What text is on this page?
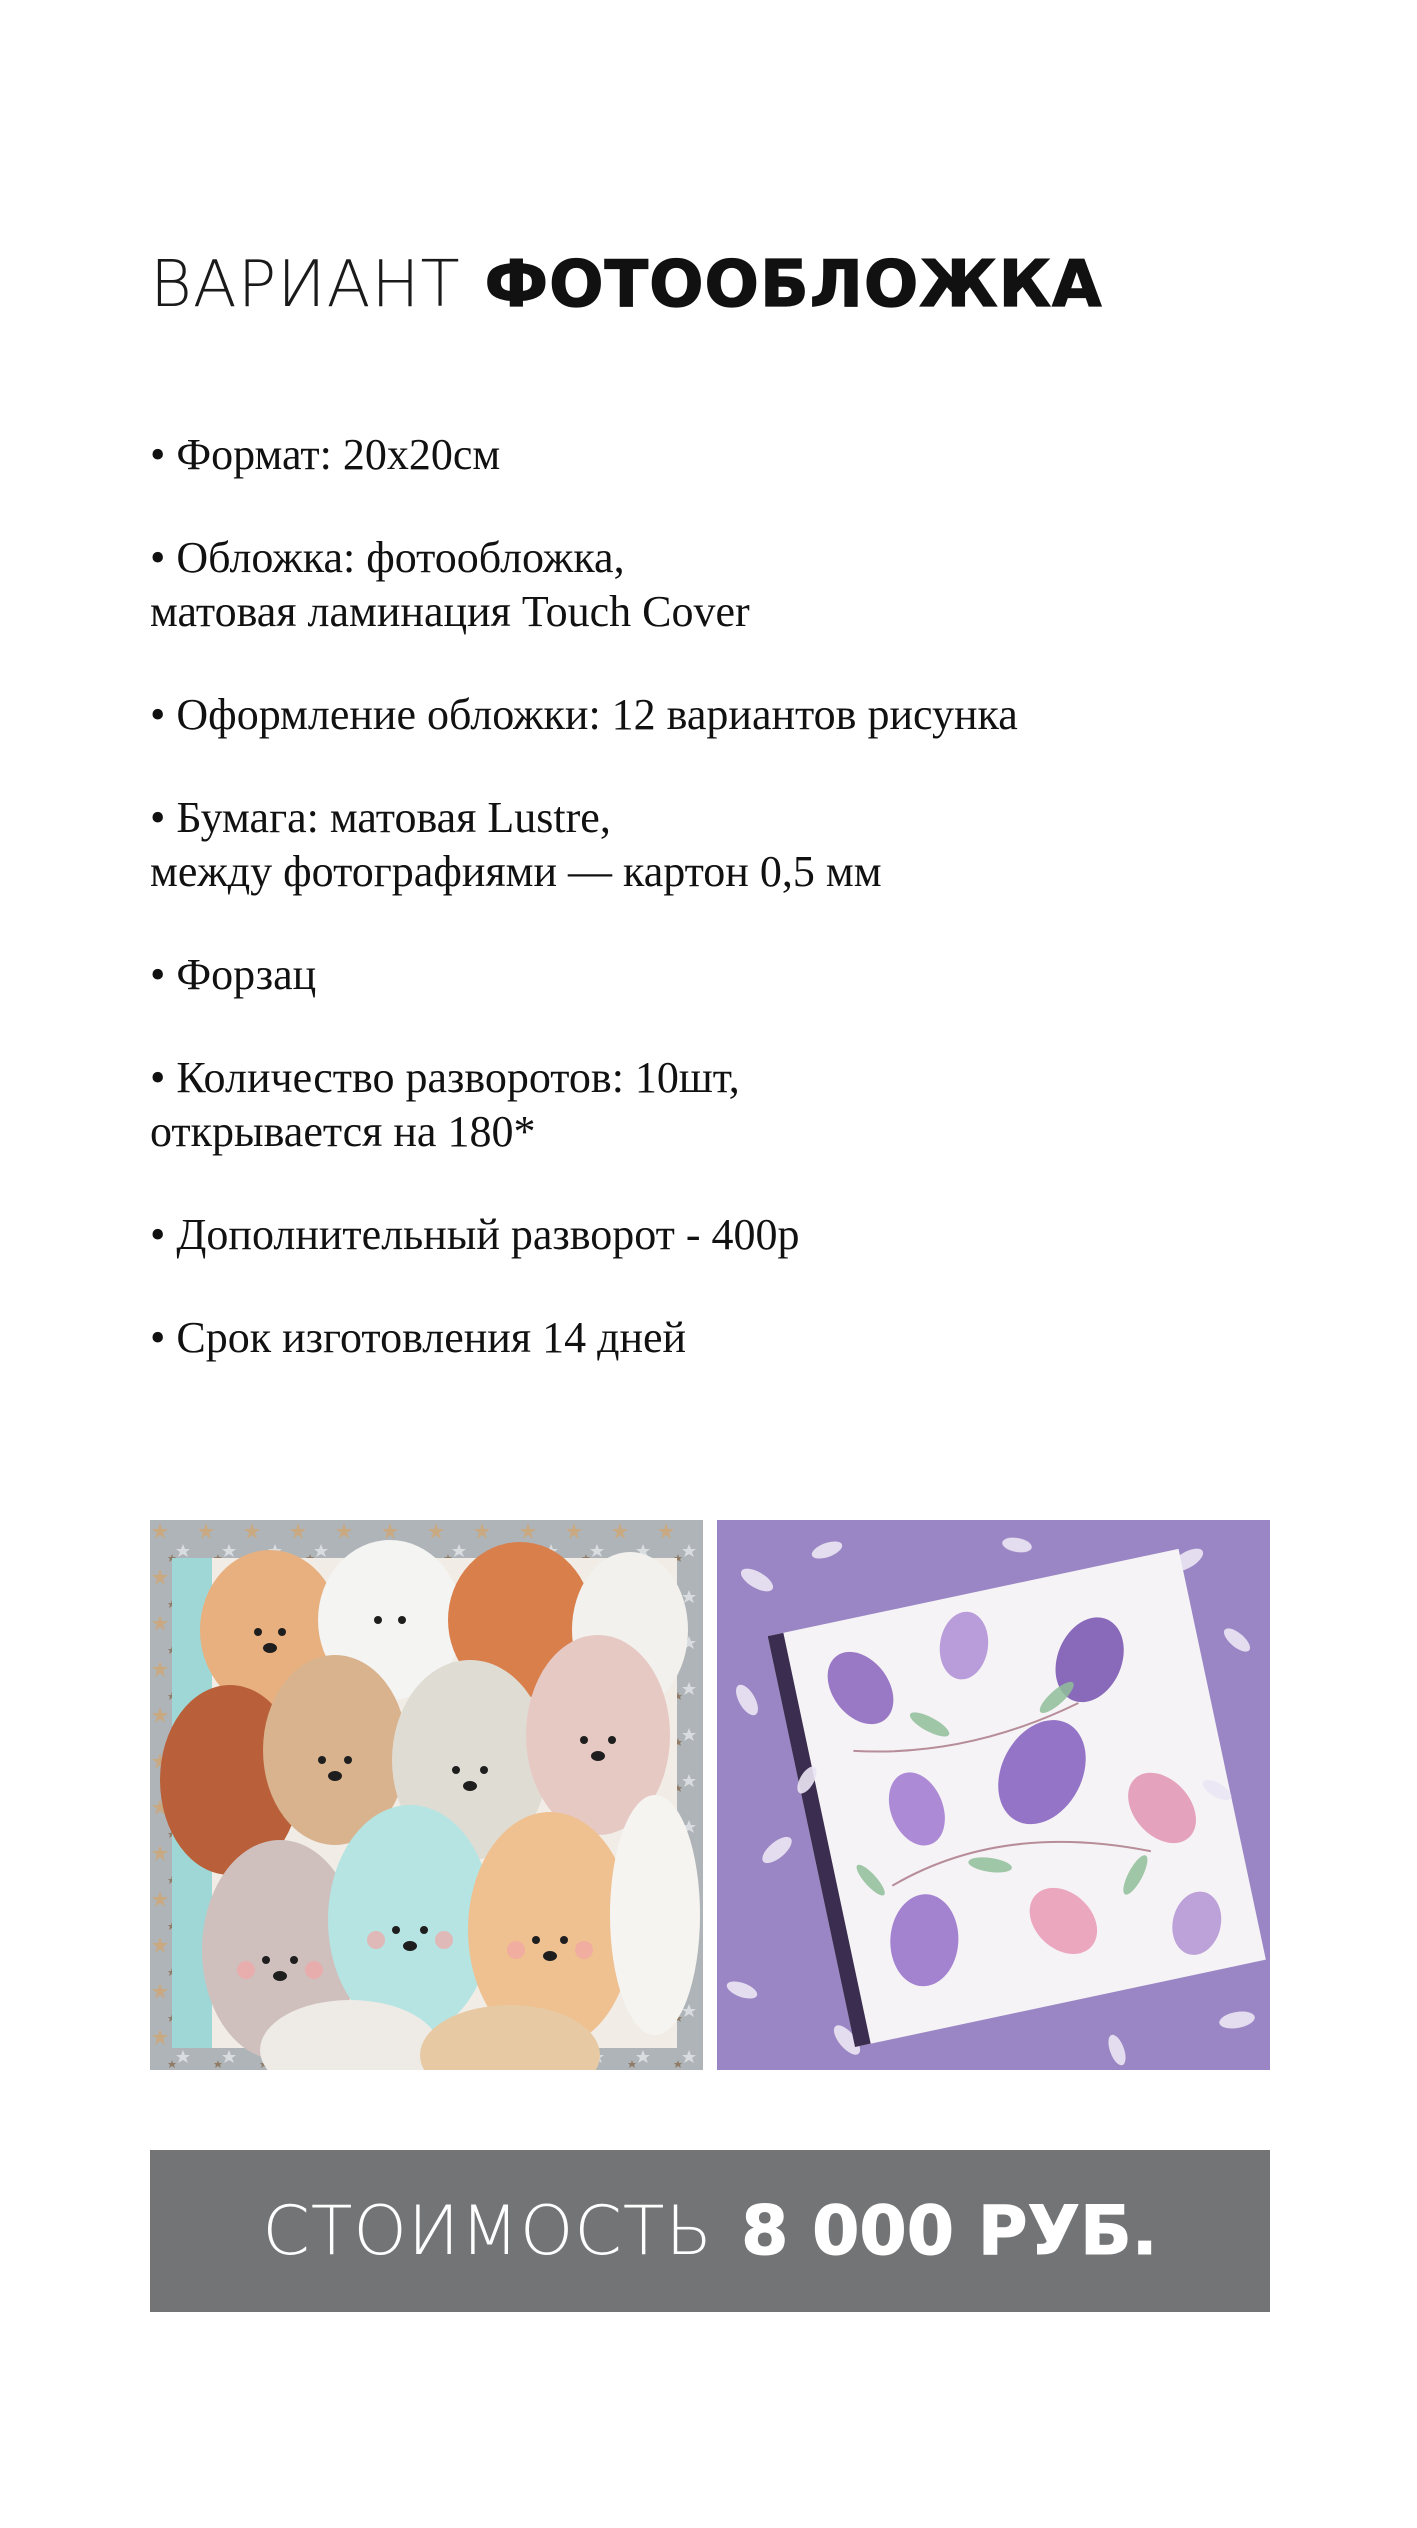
ВАРИАНТ ФОТООБЛОЖКА
• Формат: 20х20см
• Обложка: фотообложка,
матовая ламинация Touch Cover
• Оформление обложки: 12 вариантов рисунка
• Бумага: матовая Lustre,
между фотографиями — картон 0,5 мм
• Форзац
• Количество разворотов: 10шт,
открывается на 180*
• Дополнительный разворот - 400р
• Срок изготовления 14 дней
СТОИМОСТЬ 8 000 РУБ.
